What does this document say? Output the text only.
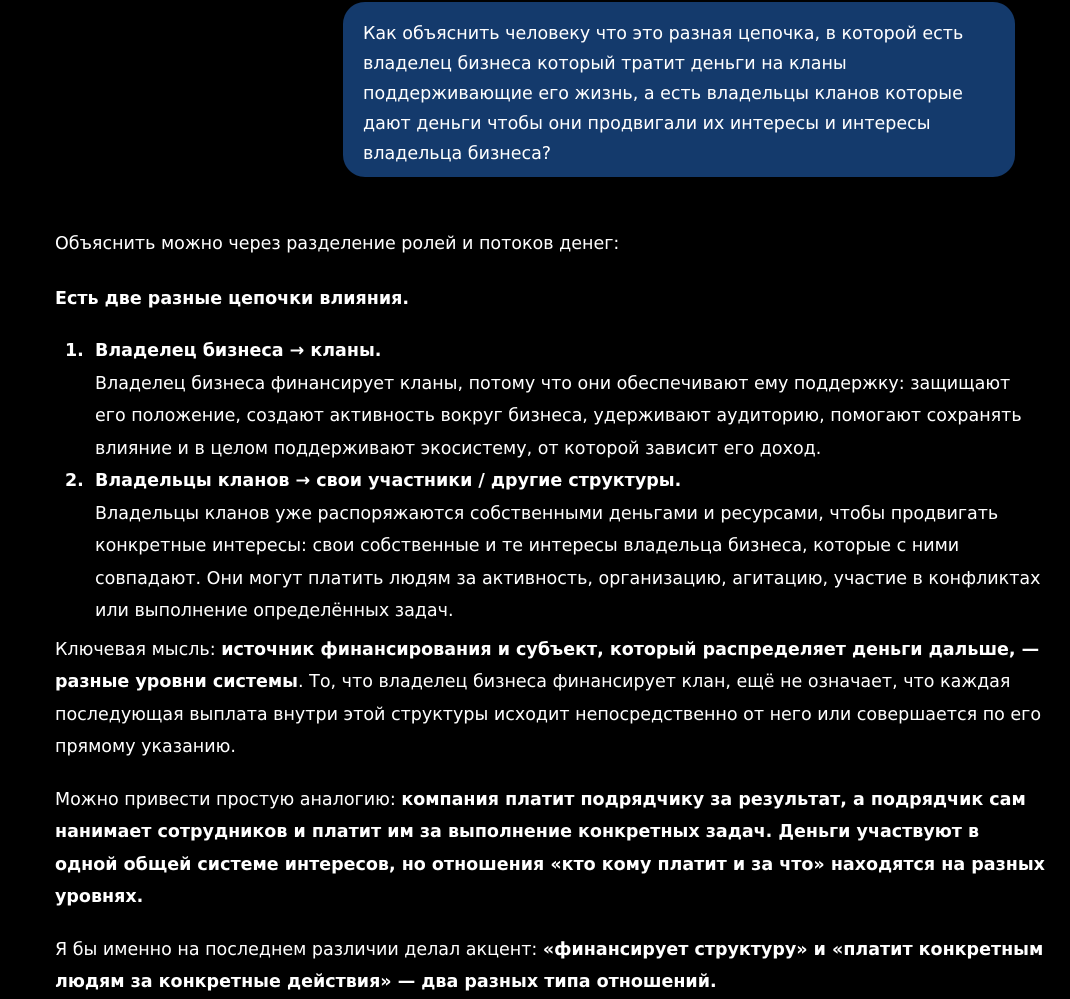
Как объяснить человеку что это разная цепочка, в которой есть владелец бизнеса который тратит деньги на кланы поддерживающие его жизнь, а есть владельцы кланов которые дают деньги чтобы они продвигали их интересы и интересы владельца бизнеса?

Объяснить можно через разделение ролей и потоков денег:

Есть две разные цепочки влияния.

1. Владелец бизнеса → кланы.
Владелец бизнеса финансирует кланы, потому что они обеспечивают ему поддержку: защищают его положение, создают активность вокруг бизнеса, удерживают аудиторию, помогают сохранять влияние и в целом поддерживают экосистему, от которой зависит его доход.
2. Владельцы кланов → свои участники / другие структуры.
Владельцы кланов уже распоряжаются собственными деньгами и ресурсами, чтобы продвигать конкретные интересы: свои собственные и те интересы владельца бизнеса, которые с ними совпадают. Они могут платить людям за активность, организацию, агитацию, участие в конфликтах или выполнение определённых задач.

Ключевая мысль: источник финансирования и субъект, который распределяет деньги дальше, — разные уровни системы. То, что владелец бизнеса финансирует клан, ещё не означает, что каждая последующая выплата внутри этой структуры исходит непосредственно от него или совершается по его прямому указанию.

Можно привести простую аналогию: компания платит подрядчику за результат, а подрядчик сам нанимает сотрудников и платит им за выполнение конкретных задач. Деньги участвуют в одной общей системе интересов, но отношения «кто кому платит и за что» находятся на разных уровнях.

Я бы именно на последнем различии делал акцент: «финансирует структуру» и «платит конкретным людям за конкретные действия» — два разных типа отношений.
